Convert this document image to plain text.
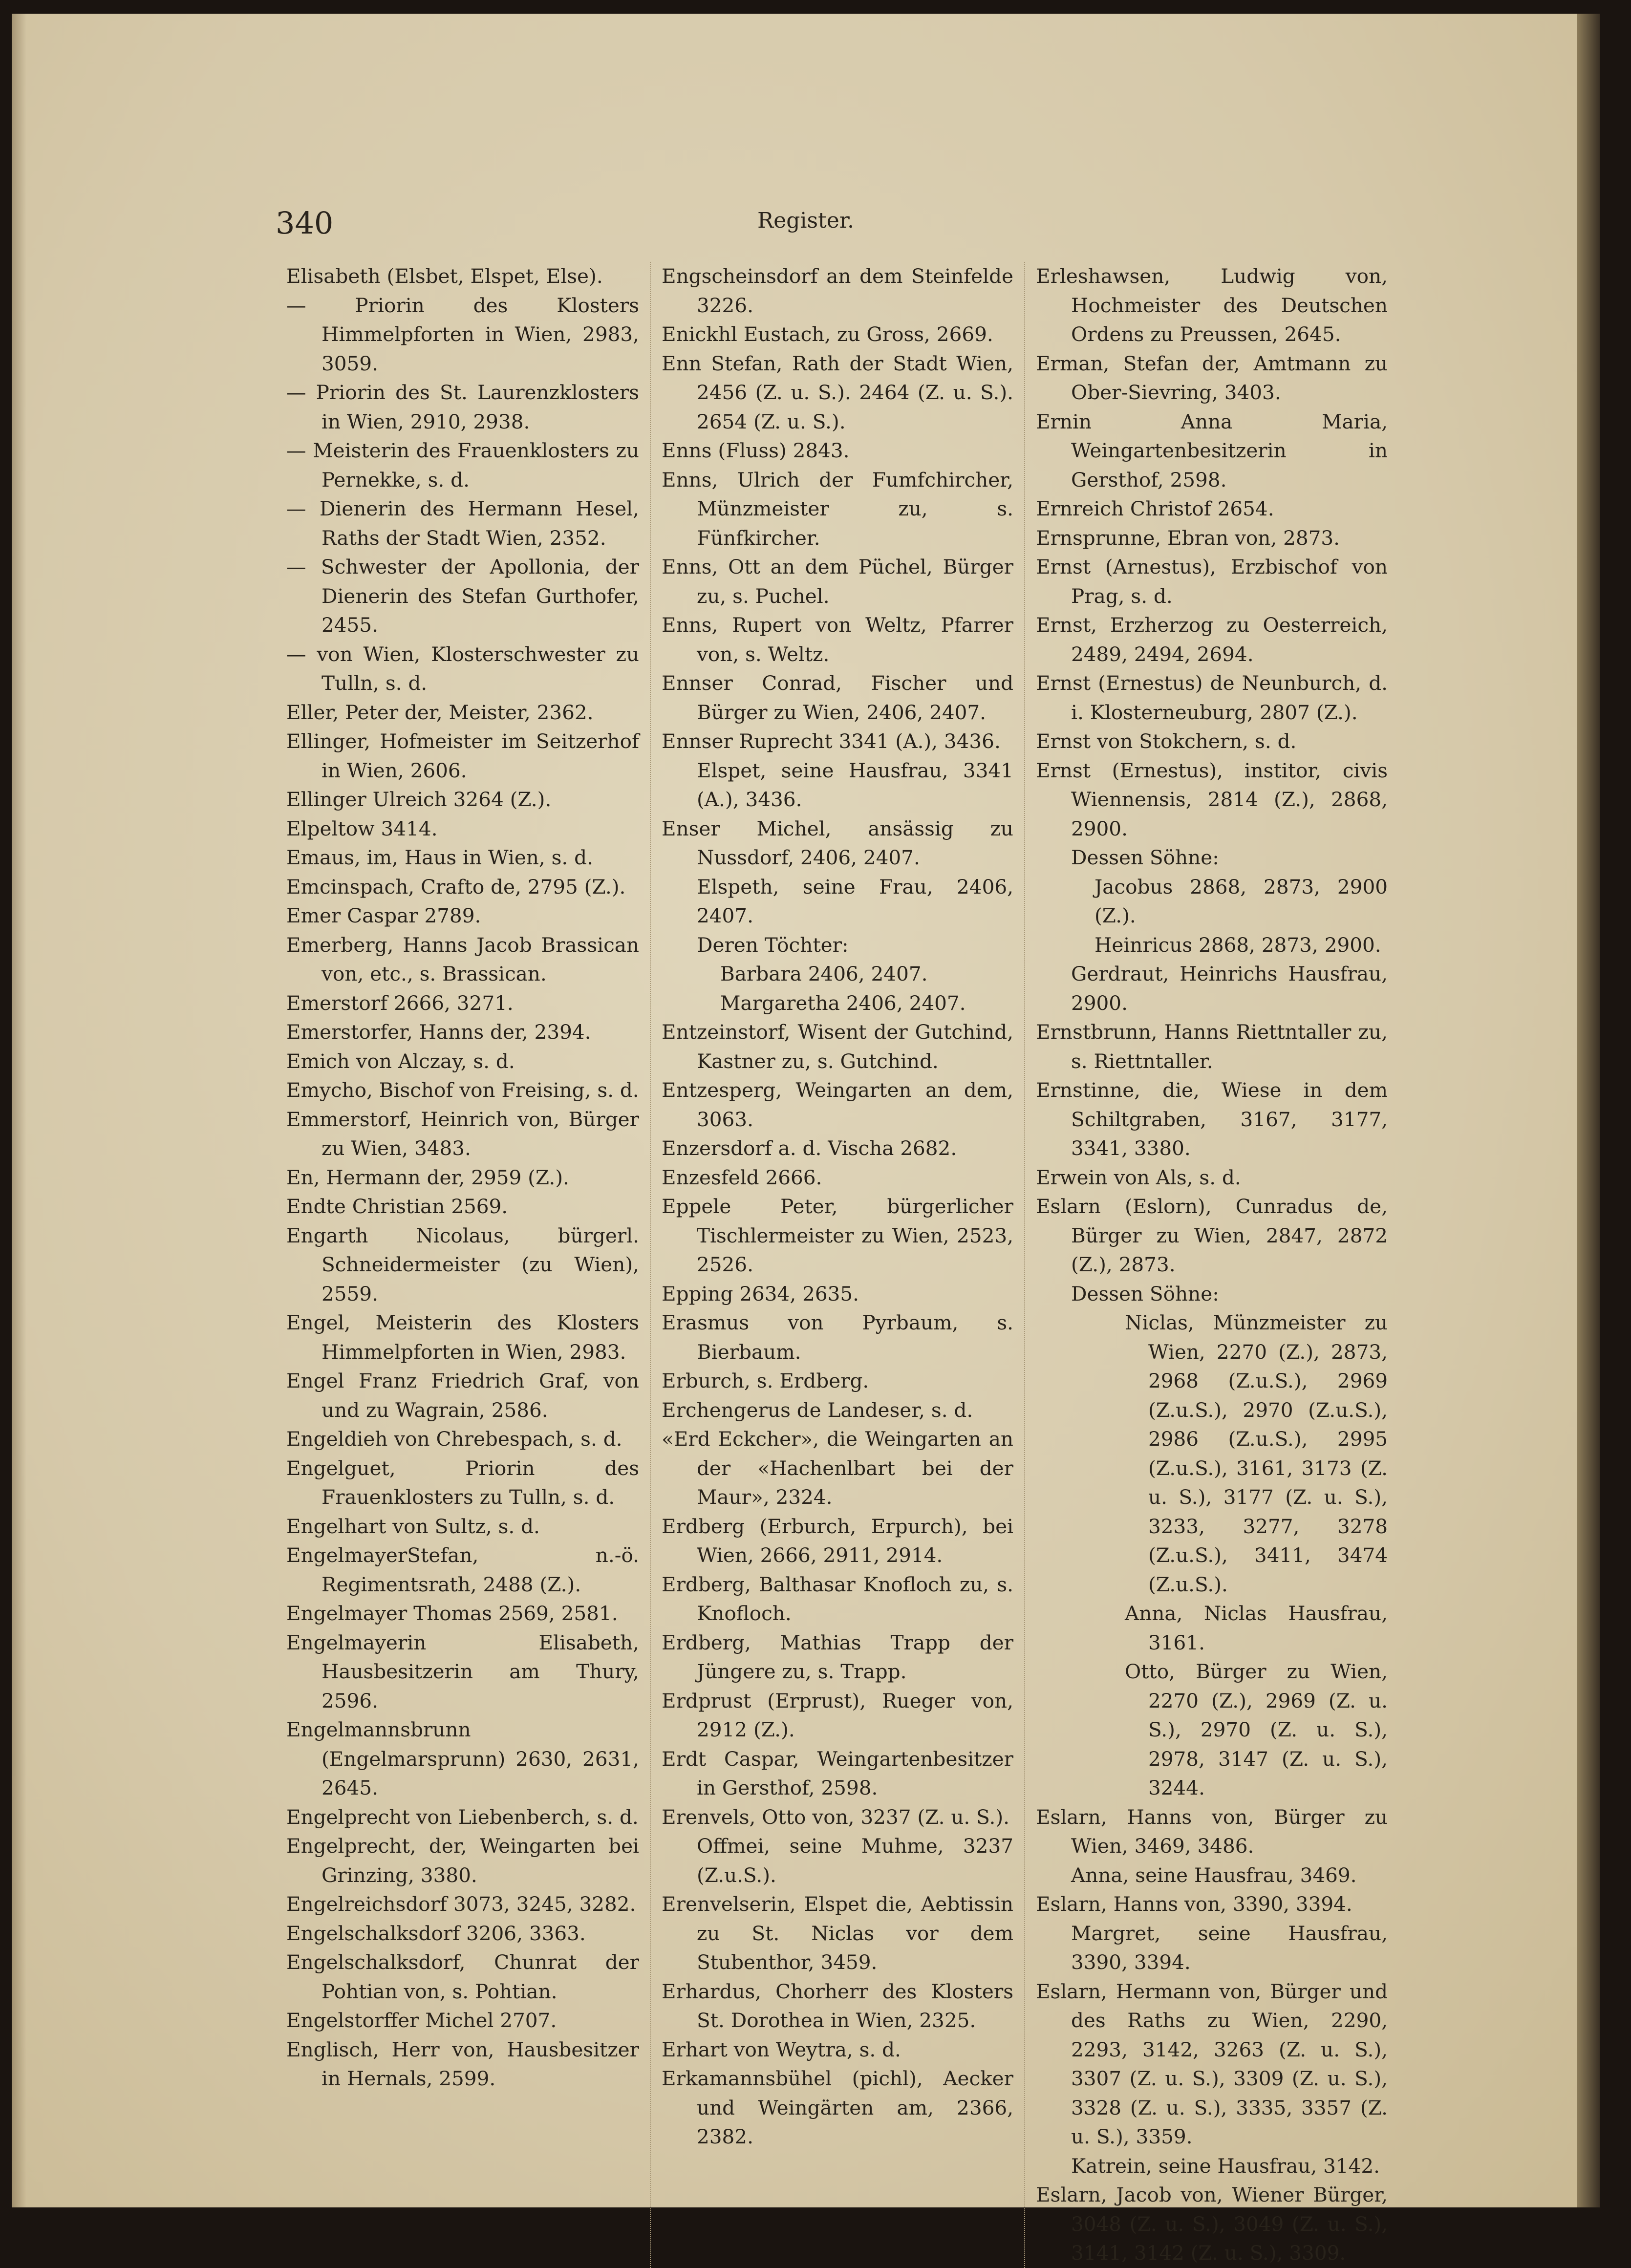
340	Register.

Elisabeth (Elsbet, Elspet, Else).

— Priorin des Klosters Himmelpforten in Wien, 2983, 3059.

— Priorin des St. Laurenzklosters in Wien, 2910, 2938.

— Meisterin des Frauenklosters zu Pernekke, s. d.

— Dienerin des Hermann Hesel, Raths der Stadt Wien, 2352.

— Schwester der Apollonia, der Dienerin des Stefan Gurthofer, 2455.

— von Wien, Klosterschwester zu Tulln, s. d.

Eller, Peter der, Meister, 2362.

Ellinger, Hofmeister im Seitzerhof in Wien, 2606.

Ellinger Ulreich 3264 (Z.).

Elpeltow 3414.

Emaus, im, Haus in Wien, s. d.

Emcinspach, Crafto de, 2795 (Z.).

Emer Caspar 2789.

Emerberg, Hanns Jacob Brassican von, etc., s. Brassican.

Emerstorf 2666, 3271.

Emerstorfer, Hanns der, 2394.

Emich von Alczay, s. d.

Emycho, Bischof von Freising, s. d.

Emmerstorf, Heinrich von, Bürger zu Wien, 3483.

En, Hermann der, 2959 (Z.).

Endte Christian 2569.

Engarth Nicolaus, bürgerl. Schneidermeister (zu Wien), 2559.

Engel, Meisterin des Klosters Himmelpforten in Wien, 2983.

Engel Franz Friedrich Graf, von und zu Wagrain, 2586.

Engeldieh von Chrebespach, s. d.

Engelguet, Priorin des Frauenklosters zu Tulln, s. d.

Engelhart von Sultz, s. d.

EngelmayerStefan, n.-ö. Regimentsrath, 2488 (Z.).

Engelmayer Thomas 2569, 2581.

Engelmayerin Elisabeth, Hausbesitzerin am Thury, 2596.

Engelmannsbrunn (Engelmarsprunn) 2630, 2631, 2645.

Engelprecht von Liebenberch, s. d.

Engelprecht, der, Weingarten bei Grinzing, 3380.

Engelreichsdorf 3073, 3245, 3282.

Engelschalksdorf 3206, 3363.

Engelschalksdorf, Chunrat der Pohtian von, s. Pohtian.

Engelstorffer Michel 2707.

Englisch, Herr von, Hausbesitzer in Hernals, 2599.

Engscheinsdorf an dem Steinfelde 3226.

Enickhl Eustach, zu Gross, 2669.

Enn Stefan, Rath der Stadt Wien, 2456 (Z. u. S.). 2464 (Z. u. S.). 2654 (Z. u. S.).

Enns (Fluss) 2843.

Enns, Ulrich der Fumfchircher, Münzmeister zu, s. Fünfkircher.

Enns, Ott an dem Püchel, Bürger zu, s. Puchel.

Enns, Rupert von Weltz, Pfarrer von, s. Weltz.

Ennser Conrad, Fischer und Bürger zu Wien, 2406, 2407.

Ennser Ruprecht 3341 (A.), 3436.

Elspet, seine Hausfrau, 3341 (A.), 3436.

Enser Michel, ansässig zu Nussdorf, 2406, 2407.

Elspeth, seine Frau, 2406, 2407.

Deren Töchter:

Barbara 2406, 2407.

Margaretha 2406, 2407.

Entzeinstorf, Wisent der Gutchind, Kastner zu, s. Gutchind.

Entzesperg, Weingarten an dem, 3063.

Enzersdorf a. d. Vischa 2682.

Enzesfeld 2666.

Eppele Peter, bürgerlicher Tischlermeister zu Wien, 2523, 2526.

Epping 2634, 2635.

Erasmus von Pyrbaum, s. Bierbaum.

Erburch, s. Erdberg.

Erchengerus de Landeser, s. d.

«Erd Eckcher», die Weingarten an der «Hachenlbart bei der Maur», 2324.

Erdberg (Erburch, Erpurch), bei Wien, 2666, 2911, 2914.

Erdberg, Balthasar Knofloch zu, s. Knofloch.

Erdberg, Mathias Trapp der Jüngere zu, s. Trapp.

Erdprust (Erprust), Rueger von, 2912 (Z.).

Erdt Caspar, Weingartenbesitzer in Gersthof, 2598.

Erenvels, Otto von, 3237 (Z. u. S.).

Offmei, seine Muhme, 3237 (Z.u.S.).

Erenvelserin, Elspet die, Aebtissin zu St. Niclas vor dem Stubenthor, 3459.

Erhardus, Chorherr des Klosters St. Dorothea in Wien, 2325.

Erhart von Weytra, s. d.

Erkamannsbühel (pichl), Aecker und Weingärten am, 2366, 2382.

Erleshawsen, Ludwig von, Hochmeister des Deutschen Ordens zu Preussen, 2645.

Erman, Stefan der, Amtmann zu Ober-Sievring, 3403.

Ernin Anna Maria, Weingartenbesitzerin in Gersthof, 2598.

Ernreich Christof 2654.

Ernsprunne, Ebran von, 2873.

Ernst (Arnestus), Erzbischof von Prag, s. d.

Ernst, Erzherzog zu Oesterreich, 2489, 2494, 2694.

Ernst (Ernestus) de Neunburch, d. i. Klosterneuburg, 2807 (Z.).

Ernst von Stokchern, s. d.

Ernst (Ernestus), institor, civis Wiennensis, 2814 (Z.), 2868, 2900.

Dessen Söhne:

Jacobus 2868, 2873, 2900 (Z.).

Heinricus 2868, 2873, 2900.

Gerdraut, Heinrichs Hausfrau, 2900.

Ernstbrunn, Hanns Riettntaller zu, s. Riettntaller.

Ernstinne, die, Wiese in dem Schiltgraben, 3167, 3177, 3341, 3380.

Erwein von Als, s. d.

Eslarn (Eslorn), Cunradus de, Bürger zu Wien, 2847, 2872 (Z.), 2873.

Dessen Söhne:

Niclas, Münzmeister zu Wien, 2270 (Z.), 2873, 2968 (Z.u.S.), 2969 (Z.u.S.), 2970 (Z.u.S.), 2986 (Z.u.S.), 2995 (Z.u.S.), 3161, 3173 (Z. u. S.), 3177 (Z. u. S.), 3233, 3277, 3278 (Z.u.S.), 3411, 3474 (Z.u.S.).

Anna, Niclas Hausfrau, 3161.

Otto, Bürger zu Wien, 2270 (Z.), 2969 (Z. u. S.), 2970 (Z. u. S.), 2978, 3147 (Z. u. S.), 3244.

Eslarn, Hanns von, Bürger zu Wien, 3469, 3486.

Anna, seine Hausfrau, 3469.

Eslarn, Hanns von, 3390, 3394.

Margret, seine Hausfrau, 3390, 3394.

Eslarn, Hermann von, Bürger und des Raths zu Wien, 2290, 2293, 3142, 3263 (Z. u. S.), 3307 (Z. u. S.), 3309 (Z. u. S.), 3328 (Z. u. S.), 3335, 3357 (Z. u. S.), 3359.

Katrein, seine Hausfrau, 3142.

Eslarn, Jacob von, Wiener Bürger, 3048 (Z. u. S.), 3049 (Z. u. S.), 3141, 3142 (Z. u. S.), 3309.
